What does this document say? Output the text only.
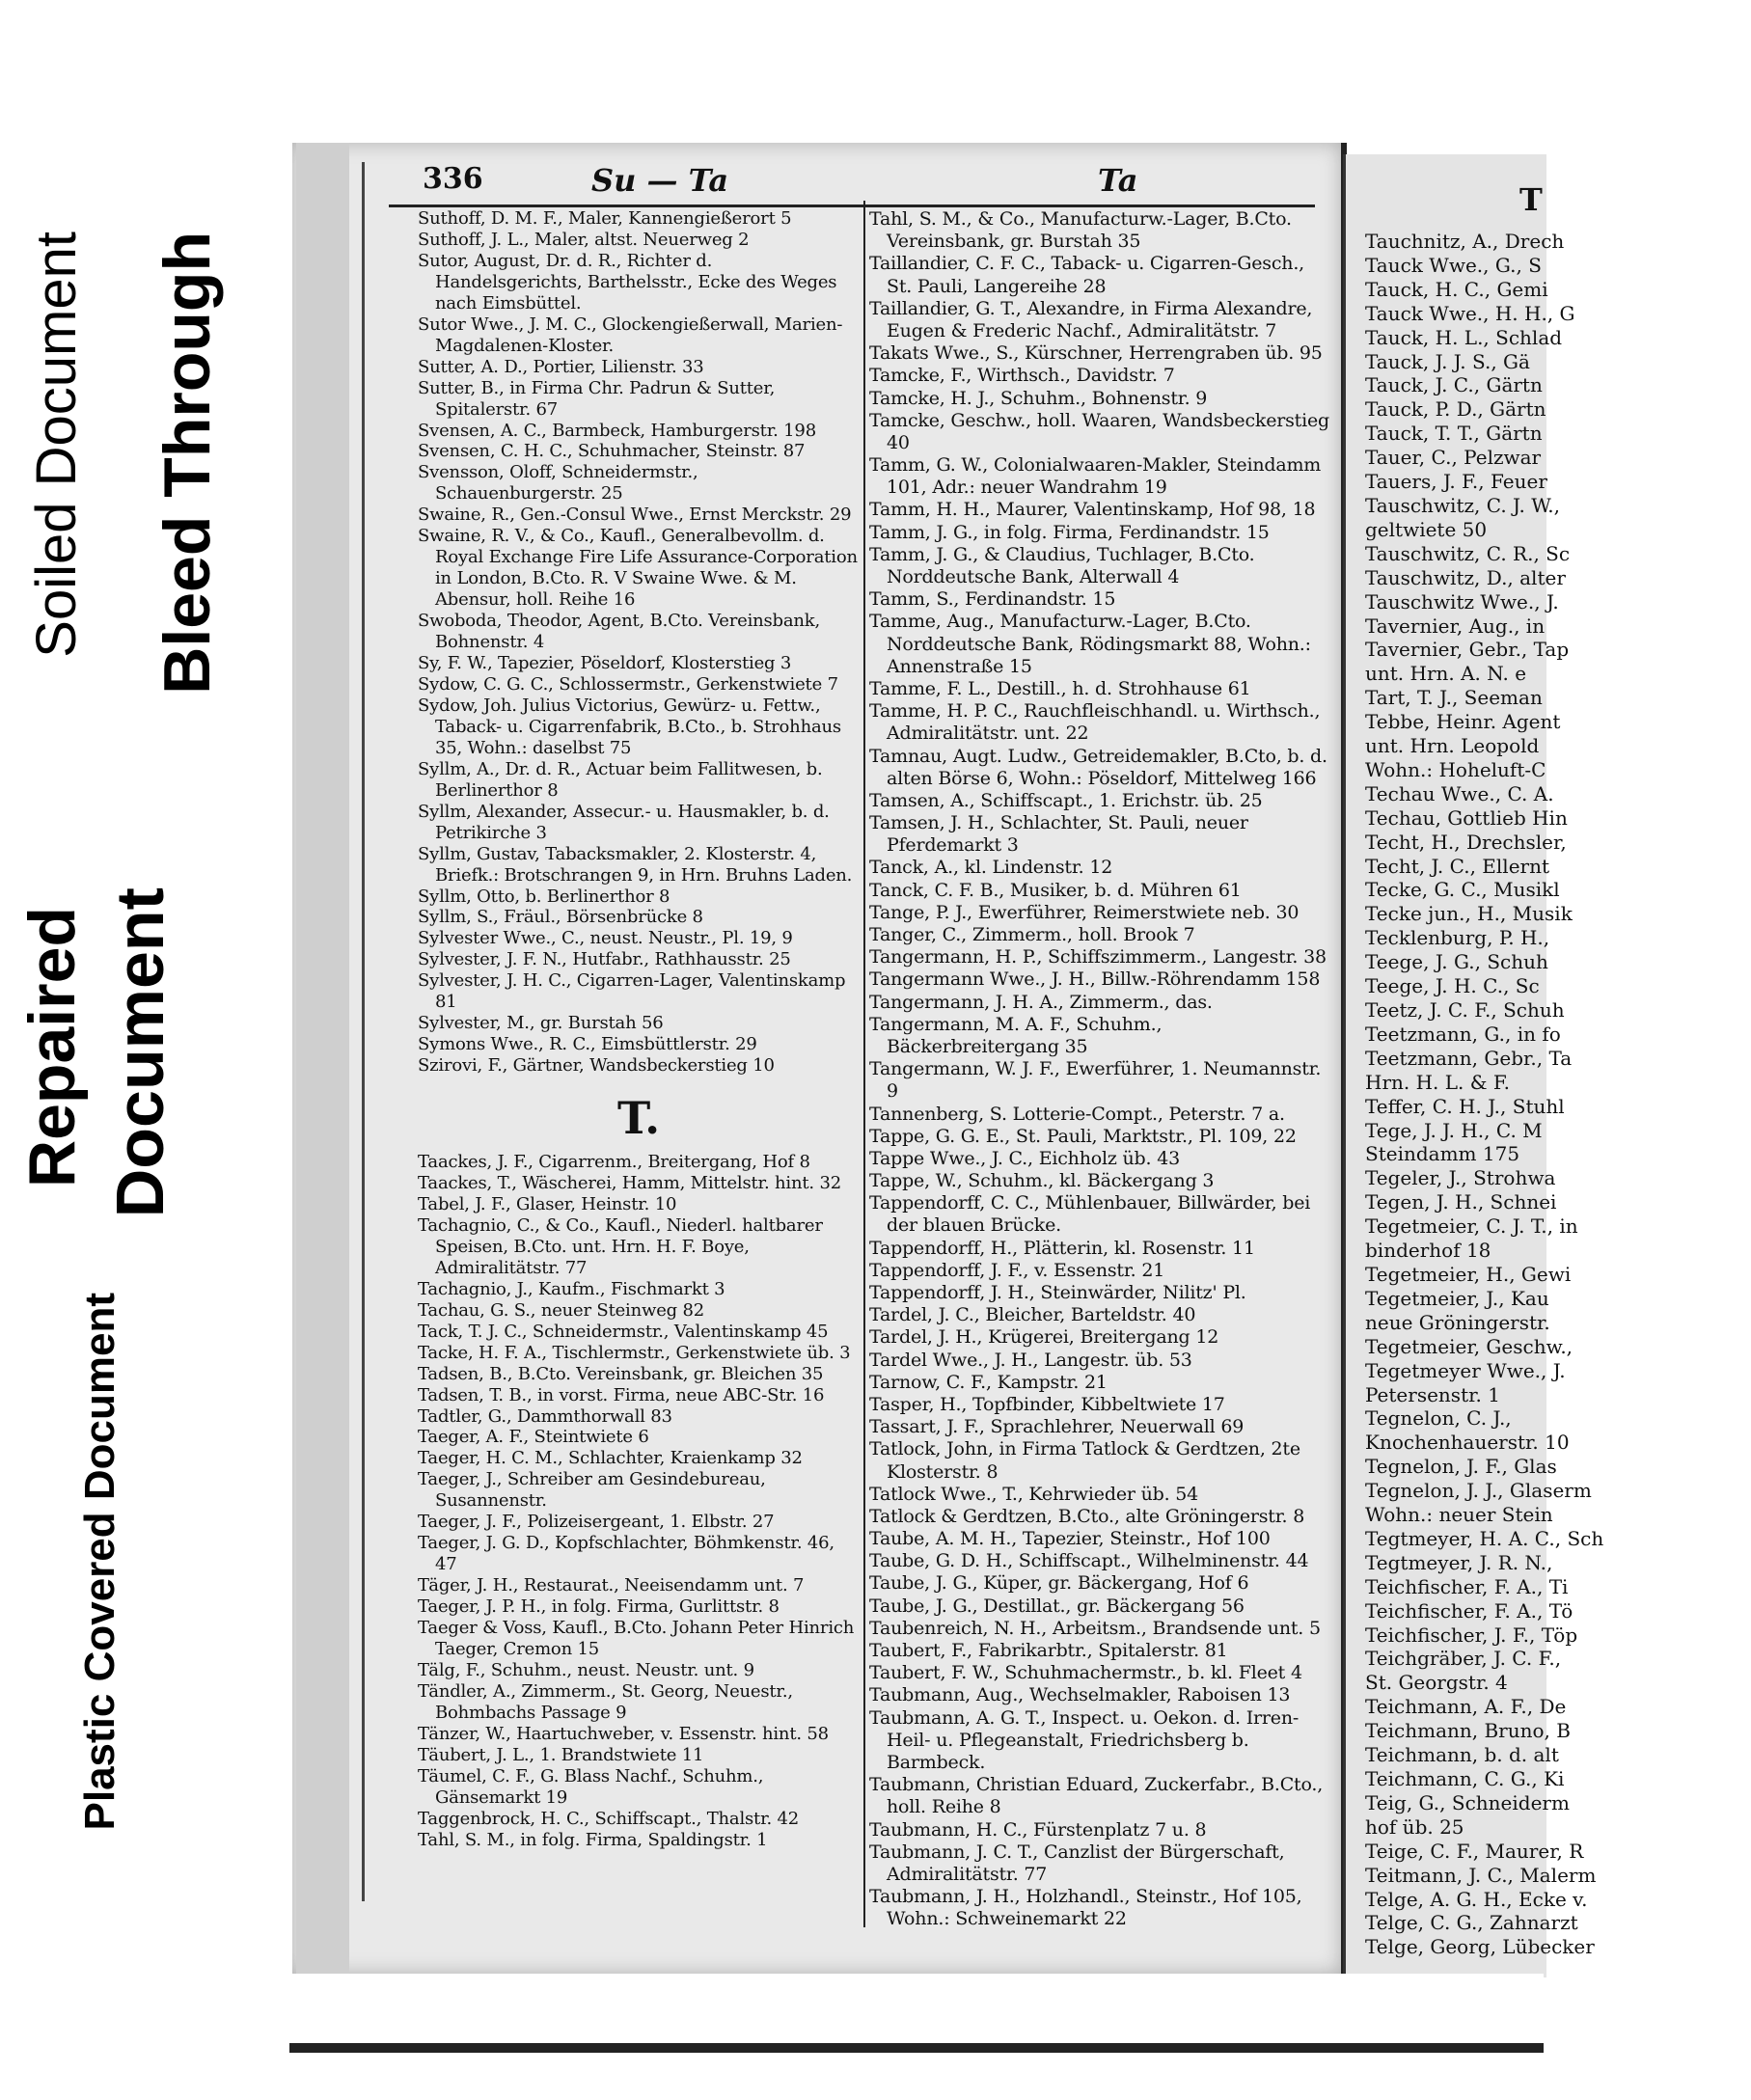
Soiled Document Bleed Through
Repaired Document
Plastic Covered Document
336	Su — Ta	Ta

Suthoff, D. M. F., Maler, Kannengießerort 5

Suthoff, J. L., Maler, altst. Neuerweg 2

Sutor, August, Dr. d. R., Richter d. Handelsgerichts, Barthelsstr., Ecke des Weges nach Eimsbüttel.

Sutor Wwe., J. M. C., Glockengießerwall, Marien-Magdalenen-Kloster.

Sutter, A. D., Portier, Lilienstr. 33

Sutter, B., in Firma Chr. Padrun & Sutter, Spitalerstr. 67

Svensen, A. C., Barmbeck, Hamburgerstr. 198

Svensen, C. H. C., Schuhmacher, Steinstr. 87

Svensson, Oloff, Schneidermstr., Schauenburgerstr. 25

Swaine, R., Gen.-Consul Wwe., Ernst Merckstr. 29

Swaine, R. V., & Co., Kaufl., Generalbevollm. d. Royal Exchange Fire Life Assurance-Corporation in London, B.Cto. R. V Swaine Wwe. & M. Abensur, holl. Reihe 16

Swoboda, Theodor, Agent, B.Cto. Vereinsbank, Bohnenstr. 4

Sy, F. W., Tapezier, Pöseldorf, Klosterstieg 3

Sydow, C. G. C., Schlossermstr., Gerkenstwiete 7

Sydow, Joh. Julius Victorius, Gewürz- u. Fettw., Taback- u. Cigarrenfabrik, B.Cto., b. Strohhaus 35, Wohn.: daselbst 75

Syllm, A., Dr. d. R., Actuar beim Fallitwesen, b. Berlinerthor 8

Syllm, Alexander, Assecur.- u. Hausmakler, b. d. Petrikirche 3

Syllm, Gustav, Tabacksmakler, 2. Klosterstr. 4, Briefk.: Brotschrangen 9, in Hrn. Bruhns Laden.

Syllm, Otto, b. Berlinerthor 8

Syllm, S., Fräul., Börsenbrücke 8

Sylvester Wwe., C., neust. Neustr., Pl. 19, 9

Sylvester, J. F. N., Hutfabr., Rathhausstr. 25

Sylvester, J. H. C., Cigarren-Lager, Valentinskamp 81

Sylvester, M., gr. Burstah 56

Symons Wwe., R. C., Eimsbüttlerstr. 29

Szirovi, F., Gärtner, Wandsbeckerstieg 10

T.

Taackes, J. F., Cigarrenm., Breitergang, Hof 8

Taackes, T., Wäscherei, Hamm, Mittelstr. hint. 32

Tabel, J. F., Glaser, Heinstr. 10

Tachagnio, C., & Co., Kaufl., Niederl. haltbarer Speisen, B.Cto. unt. Hrn. H. F. Boye, Admiralitätstr. 77

Tachagnio, J., Kaufm., Fischmarkt 3

Tachau, G. S., neuer Steinweg 82

Tack, T. J. C., Schneidermstr., Valentinskamp 45

Tacke, H. F. A., Tischlermstr., Gerkenstwiete üb. 3

Tadsen, B., B.Cto. Vereinsbank, gr. Bleichen 35

Tadsen, T. B., in vorst. Firma, neue ABC-Str. 16

Tadtler, G., Dammthorwall 83

Taeger, A. F., Steintwiete 6

Taeger, H. C. M., Schlachter, Kraienkamp 32

Taeger, J., Schreiber am Gesindebureau, Susannenstr.

Taeger, J. F., Polizeisergeant, 1. Elbstr. 27

Taeger, J. G. D., Kopfschlachter, Böhmkenstr. 46, 47

Täger, J. H., Restaurat., Neeisendamm unt. 7

Taeger, J. P. H., in folg. Firma, Gurlittstr. 8

Taeger & Voss, Kaufl., B.Cto. Johann Peter Hinrich Taeger, Cremon 15

Tälg, F., Schuhm., neust. Neustr. unt. 9

Tändler, A., Zimmerm., St. Georg, Neuestr., Bohmbachs Passage 9

Tänzer, W., Haartuchweber, v. Essenstr. hint. 58

Täubert, J. L., 1. Brandstwiete 11

Täumel, C. F., G. Blass Nachf., Schuhm., Gänsemarkt 19

Taggenbrock, H. C., Schiffscapt., Thalstr. 42

Tahl, S. M., in folg. Firma, Spaldingstr. 1

Tahl, S. M., & Co., Manufacturw.-Lager, B.Cto. Vereinsbank, gr. Burstah 35

Taillandier, C. F. C., Taback- u. Cigarren-Gesch., St. Pauli, Langereihe 28

Taillandier, G. T., Alexandre, in Firma Alexandre, Eugen & Frederic Nachf., Admiralitätstr. 7

Takats Wwe., S., Kürschner, Herrengraben üb. 95

Tamcke, F., Wirthsch., Davidstr. 7

Tamcke, H. J., Schuhm., Bohnenstr. 9

Tamcke, Geschw., holl. Waaren, Wandsbeckerstieg 40

Tamm, G. W., Colonialwaaren-Makler, Steindamm 101, Adr.: neuer Wandrahm 19

Tamm, H. H., Maurer, Valentinskamp, Hof 98, 18

Tamm, J. G., in folg. Firma, Ferdinandstr. 15

Tamm, J. G., & Claudius, Tuchlager, B.Cto. Norddeutsche Bank, Alterwall 4

Tamm, S., Ferdinandstr. 15

Tamme, Aug., Manufacturw.-Lager, B.Cto. Norddeutsche Bank, Rödingsmarkt 88, Wohn.: Annenstraße 15

Tamme, F. L., Destill., h. d. Strohhause 61

Tamme, H. P. C., Rauchfleischhandl. u. Wirthsch., Admiralitätstr. unt. 22

Tamnau, Augt. Ludw., Getreidemakler, B.Cto, b. d. alten Börse 6, Wohn.: Pöseldorf, Mittelweg 166

Tamsen, A., Schiffscapt., 1. Erichstr. üb. 25

Tamsen, J. H., Schlachter, St. Pauli, neuer Pferdemarkt 3

Tanck, A., kl. Lindenstr. 12

Tanck, C. F. B., Musiker, b. d. Mühren 61

Tange, P. J., Ewerführer, Reimerstwiete neb. 30

Tanger, C., Zimmerm., holl. Brook 7

Tangermann, H. P., Schiffszimmerm., Langestr. 38

Tangermann Wwe., J. H., Billw.-Röhrendamm 158

Tangermann, J. H. A., Zimmerm., das.

Tangermann, M. A. F., Schuhm., Bäckerbreitergang 35

Tangermann, W. J. F., Ewerführer, 1. Neumannstr. 9

Tannenberg, S. Lotterie-Compt., Peterstr. 7 a.

Tappe, G. G. E., St. Pauli, Marktstr., Pl. 109, 22

Tappe Wwe., J. C., Eichholz üb. 43

Tappe, W., Schuhm., kl. Bäckergang 3

Tappendorff, C. C., Mühlenbauer, Billwärder, bei der blauen Brücke.

Tappendorff, H., Plätterin, kl. Rosenstr. 11

Tappendorff, J. F., v. Essenstr. 21

Tappendorff, J. H., Steinwärder, Nilitz' Pl.

Tardel, J. C., Bleicher, Barteldstr. 40

Tardel, J. H., Krügerei, Breitergang 12

Tardel Wwe., J. H., Langestr. üb. 53

Tarnow, C. F., Kampstr. 21

Tasper, H., Topfbinder, Kibbeltwiete 17

Tassart, J. F., Sprachlehrer, Neuerwall 69

Tatlock, John, in Firma Tatlock & Gerdtzen, 2te Klosterstr. 8

Tatlock Wwe., T., Kehrwieder üb. 54

Tatlock & Gerdtzen, B.Cto., alte Gröningerstr. 8

Taube, A. M. H., Tapezier, Steinstr., Hof 100

Taube, G. D. H., Schiffscapt., Wilhelminenstr. 44

Taube, J. G., Küper, gr. Bäckergang, Hof 6

Taube, J. G., Destillat., gr. Bäckergang 56

Taubenreich, N. H., Arbeitsm., Brandsende unt. 5

Taubert, F., Fabrikarbtr., Spitalerstr. 81

Taubert, F. W., Schuhmachermstr., b. kl. Fleet 4

Taubmann, Aug., Wechselmakler, Raboisen 13

Taubmann, A. G. T., Inspect. u. Oekon. d. Irren-Heil- u. Pflegeanstalt, Friedrichsberg b. Barmbeck.

Taubmann, Christian Eduard, Zuckerfabr., B.Cto., holl. Reihe 8

Taubmann, H. C., Fürstenplatz 7 u. 8

Taubmann, J. C. T., Canzlist der Bürgerschaft, Admiralitätstr. 77

Taubmann, J. H., Holzhandl., Steinstr., Hof 105, Wohn.: Schweinemarkt 22

T
Tauchnitz, A., Drech
Tauck Wwe., G., S
Tauck, H. C., Gemi
Tauck Wwe., H. H., G
Tauck, H. L., Schlad
Tauck, J. J. S., Gä
Tauck, J. C., Gärtn
Tauck, P. D., Gärtn
Tauck, T. T., Gärtn
Tauer, C., Pelzwar
Tauers, J. F., Feuer
Tauschwitz, C. J. W.,
geltwiete 50
Tauschwitz, C. R., Sc
Tauschwitz, D., alter
Tauschwitz Wwe., J.
Tavernier, Aug., in
Tavernier, Gebr., Tap
unt. Hrn. A. N. e
Tart, T. J., Seeman
Tebbe, Heinr. Agent
unt. Hrn. Leopold
Wohn.: Hoheluft-C
Techau Wwe., C. A.
Techau, Gottlieb Hin
Techt, H., Drechsler,
Techt, J. C., Ellernt
Tecke, G. C., Musikl
Tecke jun., H., Musik
Tecklenburg, P. H.,
Teege, J. G., Schuh
Teege, J. H. C., Sc
Teetz, J. C. F., Schuh
Teetzmann, G., in fo
Teetzmann, Gebr., Ta
Hrn. H. L. & F.
Teffer, C. H. J., Stuhl
Tege, J. J. H., C. M
Steindamm 175
Tegeler, J., Strohwa
Tegen, J. H., Schnei
Tegetmeier, C. J. T., in
binderhof 18
Tegetmeier, H., Gewi
Tegetmeier, J., Kau
neue Gröningerstr.
Tegetmeier, Geschw.,
Tegetmeyer Wwe., J.
Petersenstr. 1
Tegnelon, C. J.,
Knochenhauerstr. 10
Tegnelon, J. F., Glas
Tegnelon, J. J., Glaserm
Wohn.: neuer Stein
Tegtmeyer, H. A. C., Sch
Tegtmeyer, J. R. N.,
Teichfischer, F. A., Ti
Teichfischer, F. A., Tö
Teichfischer, J. F., Töp
Teichgräber, J. C. F.,
St. Georgstr. 4
Teichmann, A. F., De
Teichmann, Bruno, B
Teichmann, b. d. alt
Teichmann, C. G., Ki
Teig, G., Schneiderm
hof üb. 25
Teige, C. F., Maurer, R
Teitmann, J. C., Malerm
Telge, A. G. H., Ecke v.
Telge, C. G., Zahnarzt
Telge, Georg, Lübecker
